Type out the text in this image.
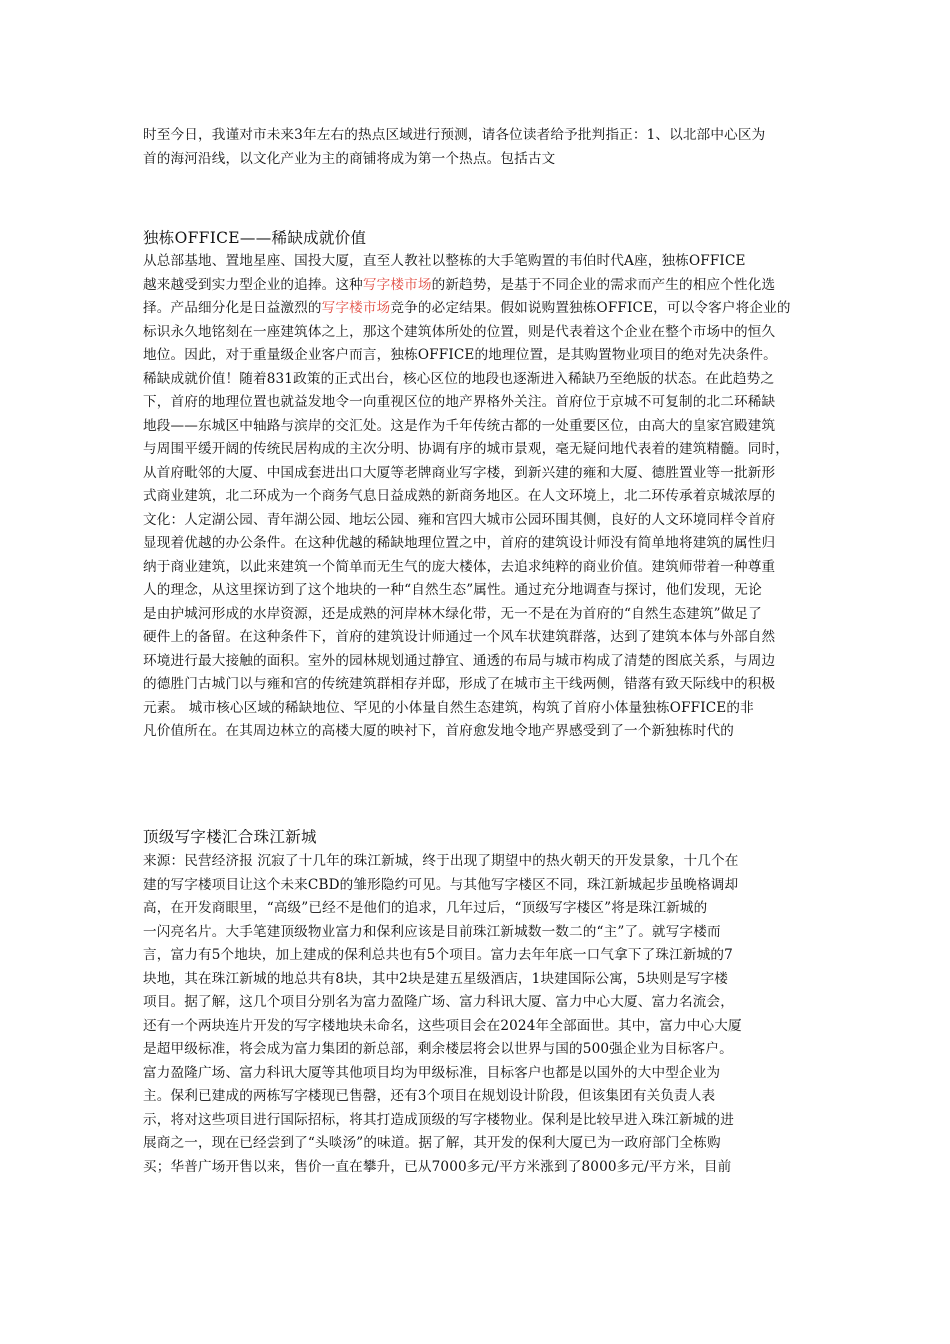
时至今日，我谨对市未来3年左右的热点区域进行预测，请各位读者给予批判指正：1、以北部中心区为
首的海河沿线，以文化产业为主的商铺将成为第一个热点。包括古文
独栋OFFICE——稀缺成就价值
从总部基地、置地星座、国投大厦，直至人教社以整栋的大手笔购置的韦伯时代A座，独栋OFFICE
越来越受到实力型企业的追捧。这种写字楼市场的新趋势，是基于不同企业的需求而产生的相应个性化选
择。产品细分化是日益激烈的写字楼市场竞争的必定结果。假如说购置独栋OFFICE，可以令客户将企业的
标识永久地铭刻在一座建筑体之上，那这个建筑体所处的位置，则是代表着这个企业在整个市场中的恒久
地位。因此，对于重量级企业客户而言，独栋OFFICE的地理位置，是其购置物业项目的绝对先决条件。
稀缺成就价值！随着831政策的正式出台，核心区位的地段也逐渐进入稀缺乃至绝版的状态。在此趋势之
下，首府的地理位置也就益发地令一向重视区位的地产界格外关注。首府位于京城不可复制的北二环稀缺
地段——东城区中轴路与滨岸的交汇处。这是作为千年传统古都的一处重要区位，由高大的皇家宫殿建筑
与周围平缓开阔的传统民居构成的主次分明、协调有序的城市景观，毫无疑问地代表着的建筑精髓。同时，
从首府毗邻的大厦、中国成套进出口大厦等老牌商业写字楼，到新兴建的雍和大厦、德胜置业等一批新形
式商业建筑，北二环成为一个商务气息日益成熟的新商务地区。在人文环境上，北二环传承着京城浓厚的
文化：人定湖公园、青年湖公园、地坛公园、雍和宫四大城市公园环围其侧，良好的人文环境同样令首府
显现着优越的办公条件。在这种优越的稀缺地理位置之中，首府的建筑设计师没有简单地将建筑的属性归
纳于商业建筑，以此来建筑一个简单而无生气的庞大楼体，去追求纯粹的商业价值。建筑师带着一种尊重
人的理念，从这里探访到了这个地块的一种“自然生态”属性。通过充分地调查与探讨，他们发现，无论
是由护城河形成的水岸资源，还是成熟的河岸林木绿化带，无一不是在为首府的“自然生态建筑”做足了
硬件上的备留。在这种条件下，首府的建筑设计师通过一个风车状建筑群落，达到了建筑本体与外部自然
环境进行最大接触的面积。室外的园林规划通过静宜、通透的布局与城市构成了清楚的图底关系，与周边
的德胜门古城门以与雍和宫的传统建筑群相存并邸，形成了在城市主干线两侧，错落有致天际线中的积极
元素。 城市核心区域的稀缺地位、罕见的小体量自然生态建筑，构筑了首府小体量独栋OFFICE的非
凡价值所在。在其周边林立的高楼大厦的映衬下，首府愈发地令地产界感受到了一个新独栋时代的
顶级写字楼汇合珠江新城
来源：民营经济报 沉寂了十几年的珠江新城，终于出现了期望中的热火朝天的开发景象，十几个在
建的写字楼项目让这个未来CBD的雏形隐约可见。与其他写字楼区不同，珠江新城起步虽晚格调却
高，在开发商眼里，“高级”已经不是他们的追求，几年过后，“顶级写字楼区”将是珠江新城的
一闪亮名片。大手笔建顶级物业富力和保利应该是目前珠江新城数一数二的“主”了。就写字楼而
言，富力有5个地块，加上建成的保利总共也有5个项目。富力去年年底一口气拿下了珠江新城的7
块地，其在珠江新城的地总共有8块，其中2块是建五星级酒店，1块建国际公寓，5块则是写字楼
项目。据了解，这几个项目分别名为富力盈隆广场、富力科讯大厦、富力中心大厦、富力名流会，
还有一个两块连片开发的写字楼地块未命名，这些项目会在2024年全部面世。其中，富力中心大厦
是超甲级标准，将会成为富力集团的新总部，剩余楼层将会以世界与国的500强企业为目标客户。
富力盈隆广场、富力科讯大厦等其他项目均为甲级标准，目标客户也都是以国外的大中型企业为
主。保利已建成的两栋写字楼现已售罄，还有3个项目在规划设计阶段，但该集团有关负责人表
示，将对这些项目进行国际招标，将其打造成顶级的写字楼物业。保利是比较早进入珠江新城的进
展商之一，现在已经尝到了“头啖汤”的味道。据了解，其开发的保利大厦已为一政府部门全栋购
买；华普广场开售以来，售价一直在攀升，已从7000多元/平方米涨到了8000多元/平方米，目前
